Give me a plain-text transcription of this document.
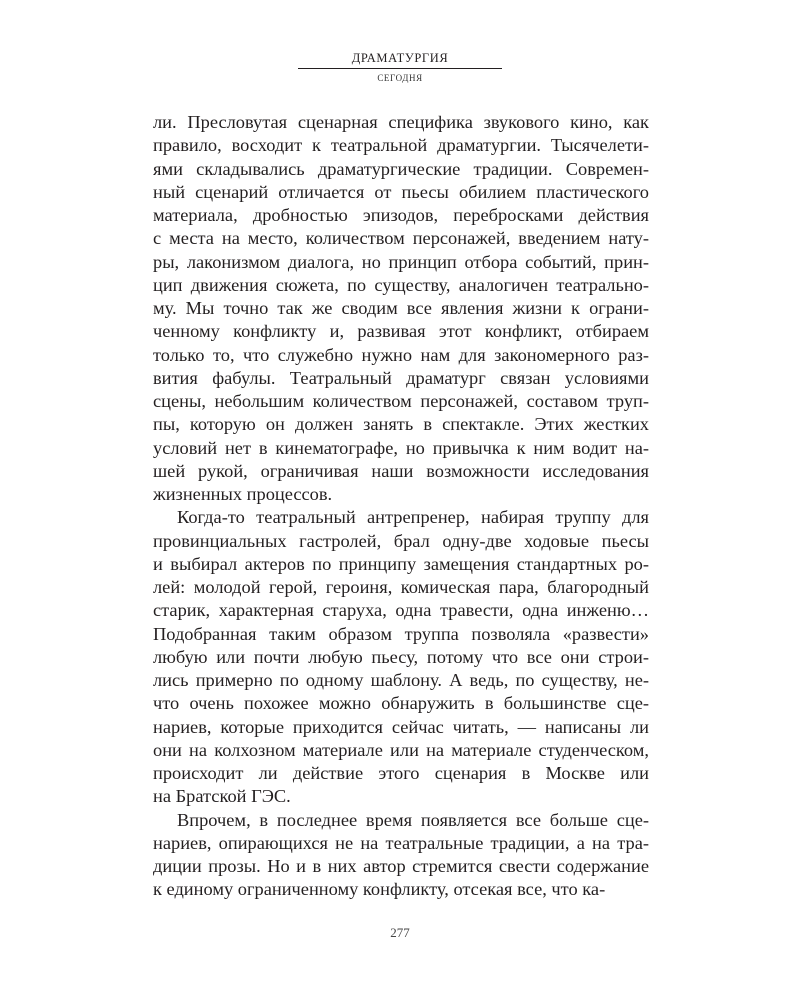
ДРАМАТУРГИЯ
СЕГОДНЯ
ли. Пресловутая сценарная специфика звукового кино, как
правило, восходит к театральной драматургии. Тысячелети-
ями складывались драматургические традиции. Современ-
ный сценарий отличается от пьесы обилием пластического
материала, дробностью эпизодов, перебросками действия
с места на место, количеством персонажей, введением нату-
ры, лаконизмом диалога, но принцип отбора событий, прин-
цип движения сюжета, по существу, аналогичен театрально-
му. Мы точно так же сводим все явления жизни к ограни-
ченному конфликту и, развивая этот конфликт, отбираем
только то, что служебно нужно нам для закономерного раз-
вития фабулы. Театральный драматург связан условиями
сцены, небольшим количеством персонажей, составом труп-
пы, которую он должен занять в спектакле. Этих жестких
условий нет в кинематографе, но привычка к ним водит на-
шей рукой, ограничивая наши возможности исследования
жизненных процессов.
Когда-то театральный антрепренер, набирая труппу для
провинциальных гастролей, брал одну-две ходовые пьесы
и выбирал актеров по принципу замещения стандартных ро-
лей: молодой герой, героиня, комическая пара, благородный
старик, характерная старуха, одна травести, одна инженю…
Подобранная таким образом труппа позволяла «развести»
любую или почти любую пьесу, потому что все они строи-
лись примерно по одному шаблону. А ведь, по существу, не-
что очень похожее можно обнаружить в большинстве сце-
нариев, которые приходится сейчас читать, — написаны ли
они на колхозном материале или на материале студенческом,
происходит ли действие этого сценария в Москве или
на Братской ГЭС.
Впрочем, в последнее время появляется все больше сце-
нариев, опирающихся не на театральные традиции, а на тра-
диции прозы. Но и в них автор стремится свести содержание
к единому ограниченному конфликту, отсекая все, что ка-
277
